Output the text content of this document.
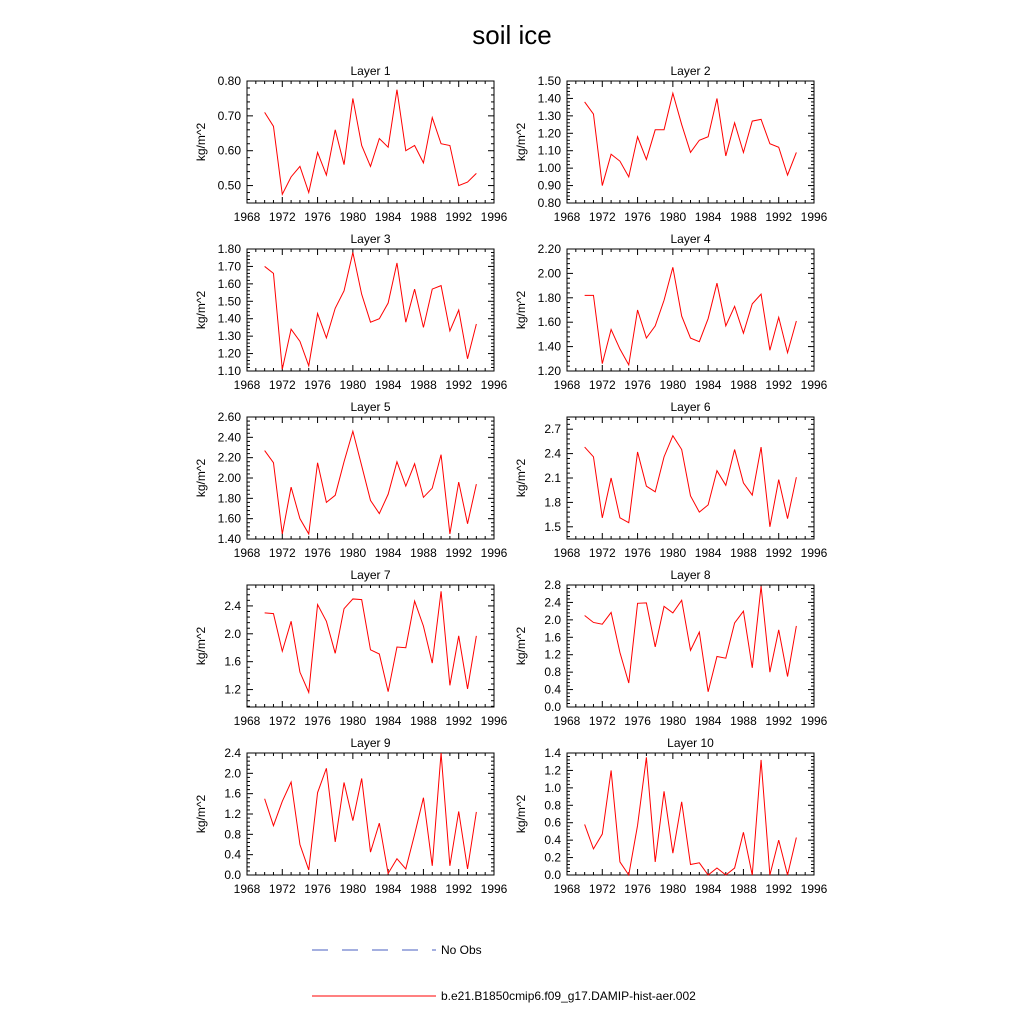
soil ice
Layer 1
1968 1972 1976 1980 1984 1988 1992 1996
0.50
0.60
0.70
0.80
kg/m^2
Layer 2
1968 1972 1976 1980 1984 1988 1992 1996
0.80
0.90
1.00
1.10
1.20
1.30
1.40
1.50
kg/m^2
Layer 3
1968 1972 1976 1980 1984 1988 1992 1996
1.10
1.20
1.30
1.40
1.50
1.60
1.70
1.80
kg/m^2
Layer 4
1968 1972 1976 1980 1984 1988 1992 1996
1.20
1.40
1.60
1.80
2.00
2.20
kg/m^2
Layer 5
1968 1972 1976 1980 1984 1988 1992 1996
1.40
1.60
1.80
2.00
2.20
2.40
2.60
kg/m^2
Layer 6
1968 1972 1976 1980 1984 1988 1992 1996
1.5
1.8
2.1
2.4
2.7
kg/m^2
Layer 7
1968 1972 1976 1980 1984 1988 1992 1996
1.2
1.6
2.0
2.4
kg/m^2
Layer 8
1968 1972 1976 1980 1984 1988 1992 1996
0.0
0.4
0.8
1.2
1.6
2.0
2.4
2.8
kg/m^2
Layer 9
1968 1972 1976 1980 1984 1988 1992 1996
0.0
0.4
0.8
1.2
1.6
2.0
2.4
kg/m^2
Layer 10
1968 1972 1976 1980 1984 1988 1992 1996
0.0
0.2
0.4
0.6
0.8
1.0
1.2
1.4
kg/m^2
No Obs
b.e21.B1850cmip6.f09_g17.DAMIP-hist-aer.002
